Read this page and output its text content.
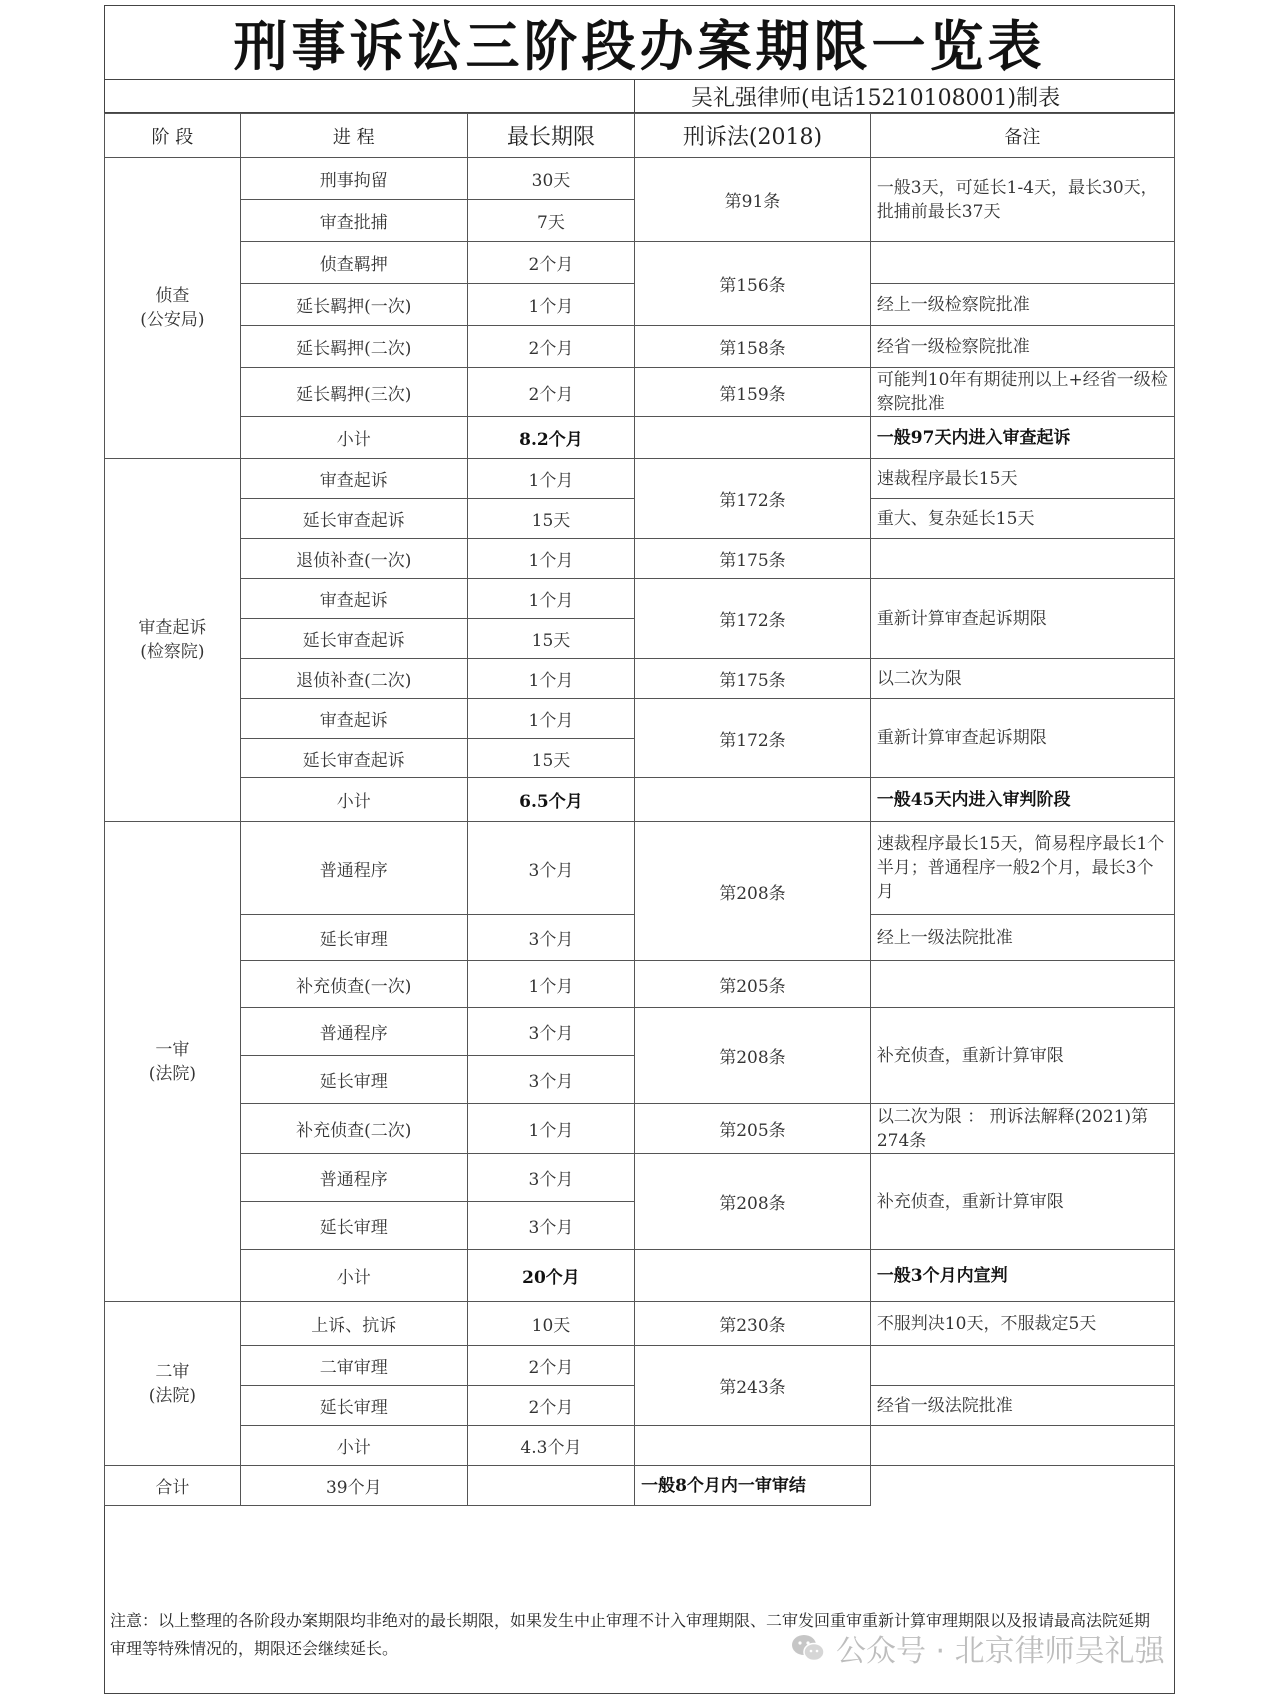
刑事诉讼三阶段办案期限一览表
吴礼强律师(电话15210108001)制表
阶 段	进 程	最长期限	刑诉法(2018)	备注
侦查
(公安局)	刑事拘留	30天	第91条	一般3天，可延长1-4天，最长30天，批捕前最长37天
	审查批捕	7天		
	侦查羁押	2个月	第156条	
	延长羁押(一次)	1个月		经上一级检察院批准
	延长羁押(二次)	2个月	第158条	经省一级检察院批准
	延长羁押(三次)	2个月	第159条	可能判10年有期徒刑以上+经省一级检察院批准
	小计	8.2个月		一般97天内进入审查起诉
审查起诉
(检察院)	审查起诉	1个月	第172条	速裁程序最长15天
	延长审查起诉	15天		重大、复杂延长15天
	退侦补查(一次)	1个月	第175条	
	审查起诉	1个月	第172条	重新计算审查起诉期限
	延长审查起诉	15天		
	退侦补查(二次)	1个月	第175条	以二次为限
	审查起诉	1个月	第172条	重新计算审查起诉期限
	延长审查起诉	15天		
	小计	6.5个月		一般45天内进入审判阶段
一审
(法院)	普通程序	3个月	第208条	速裁程序最长15天，简易程序最长1个半月；普通程序一般2个月，最长3个月
	延长审理	3个月		经上一级法院批准
	补充侦查(一次)	1个月	第205条	
	普通程序	3个月	第208条	补充侦查，重新计算审限
	延长审理	3个月		
	补充侦查(二次)	1个月	第205条	以二次为限 ： 刑诉法解释(2021)第274条
	普通程序	3个月	第208条	补充侦查，重新计算审限
	延长审理	3个月		
	小计	20个月		一般3个月内宣判
二审
(法院)	上诉、抗诉	10天	第230条	不服判决10天，不服裁定5天
	二审审理	2个月	第243条	
	延长审理	2个月		经省一级法院批准
	小计	4.3个月		
合计	39个月		一般8个月内一审审结	
注意：以上整理的各阶段办案期限均非绝对的最长期限，如果发生中止审理不计入审理期限、二审发回重审重新计算审理期限以及报请最高法院延期审理等特殊情况的，期限还会继续延长。	公众号 · 北京律师吴礼强
